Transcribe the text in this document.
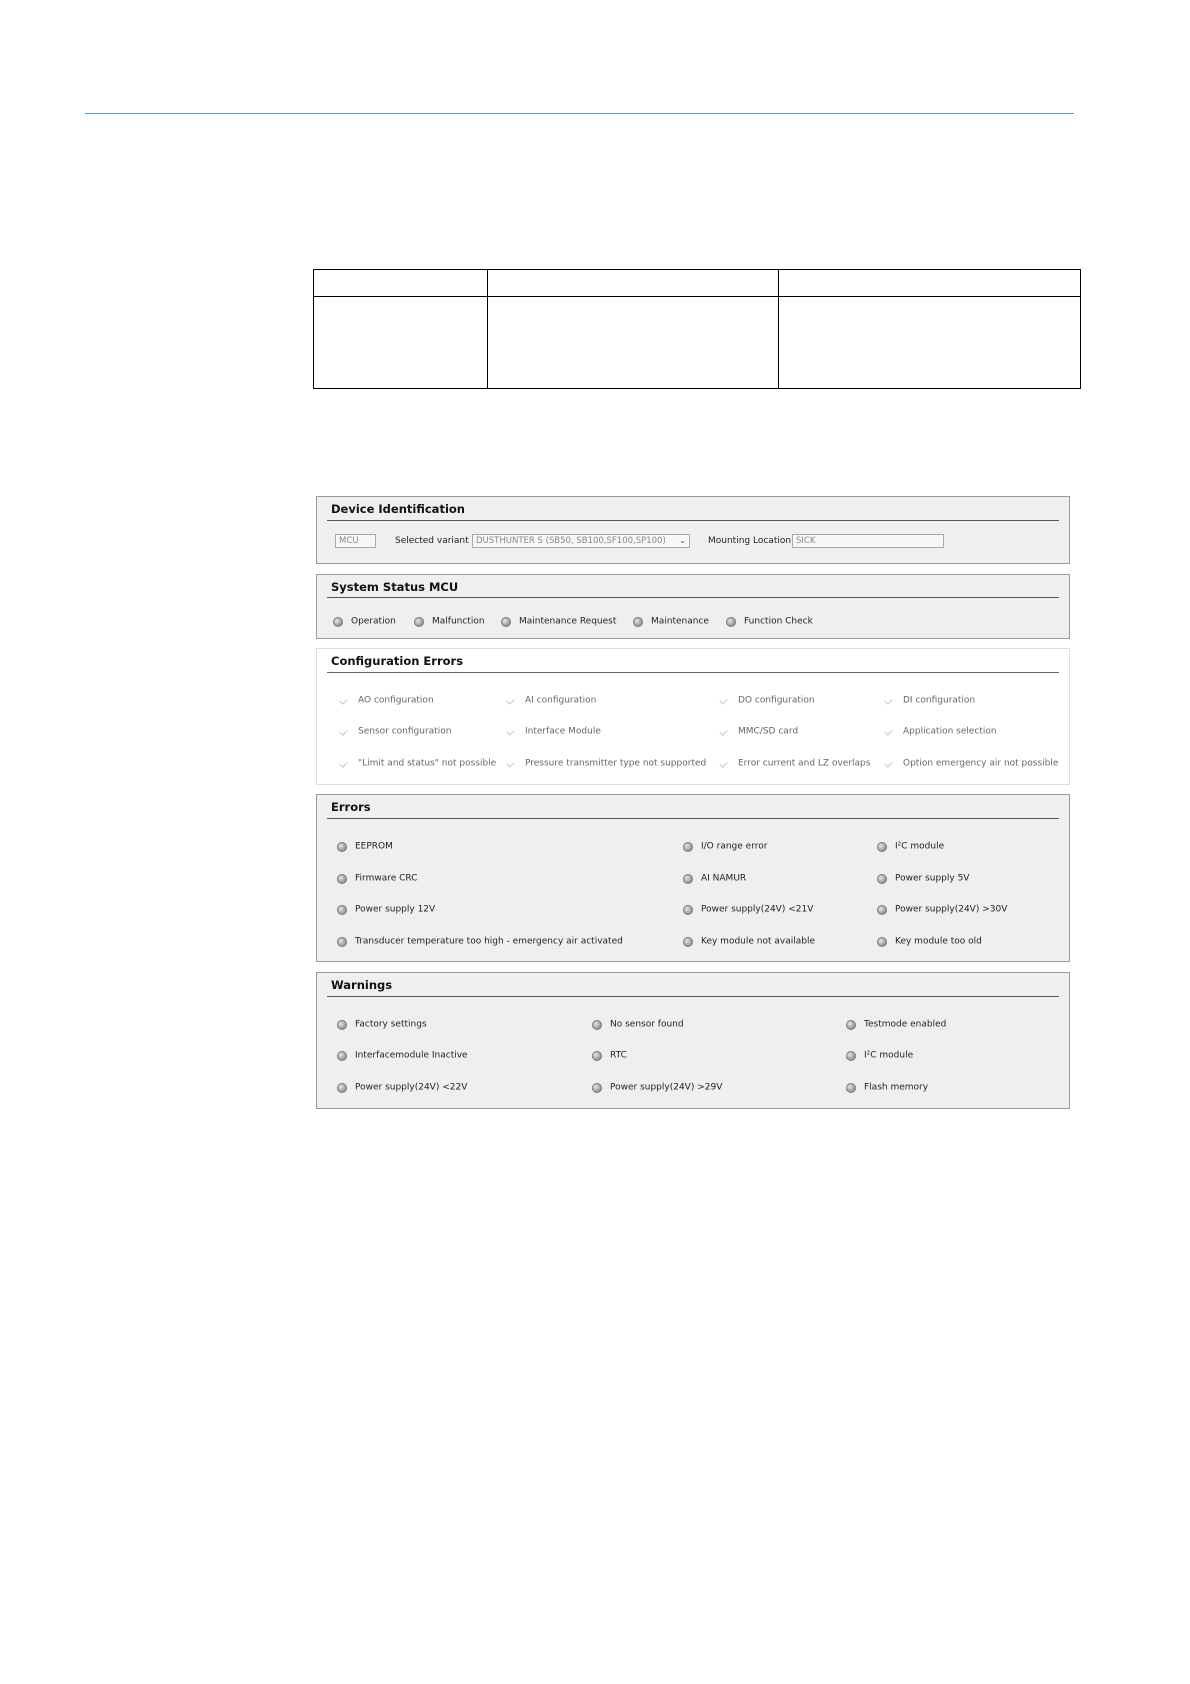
Device Identification
MCU	Selected variant DUSTHUNTER S (SB50, SB100,SF100,SP100) ⌄ Mounting Location SICK
System Status MCU
Operation	Malfunction	Maintenance Request	Maintenance	Function Check
Configuration Errors
AO configuration	AI configuration	DO configuration	DI configuration
Sensor configuration	Interface Module	MMC/SD card	Application selection
"Limit and status" not possible	Pressure transmitter type not supported	Error current and LZ overlaps	Option emergency air not possible
Errors
EEPROM	I/O range error	I²C module
Firmware CRC	AI NAMUR	Power supply 5V
Power supply 12V	Power supply(24V) <21V	Power supply(24V) >30V
Transducer temperature too high - emergency air activated	Key module not available	Key module too old
Warnings
Factory settings	No sensor found	Testmode enabled
Interfacemodule Inactive	RTC	I²C module
Power supply(24V) <22V	Power supply(24V) >29V	Flash memory
